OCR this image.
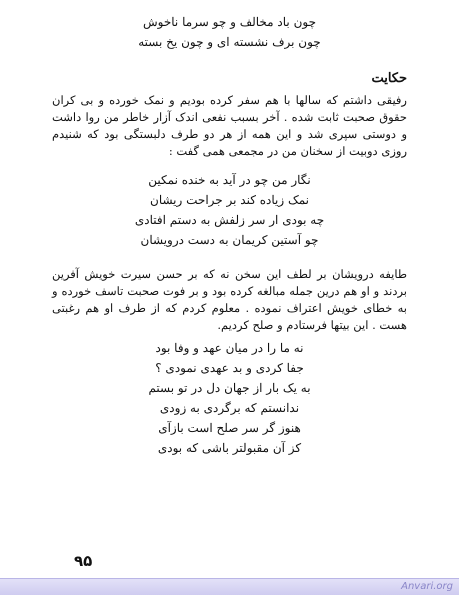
چون باد مخالف و چو سرما ناخوش
چون برف نشسته ای و چون یخ بسته
حکایت
رفیقی داشتم که سالها با هم سفر کرده بودیم و نمک خورده و بی کران حقوق صحبت ثابت شده . آخر بسبب نفعی اندک آزار خاطر من روا داشت و دوستی سپری شد و این همه از هر دو طرف دلبستگی بود که شنیدم روزی دوبیت از سخنان من در مجمعی همی گفت :
نگار من چو در آید به خنده نمکین
نمک زیاده کند بر جراحت ریشان
چه بودی ار سر زلفش به دستم افتادی
چو آستین کریمان به دست درویشان
طایفه درویشان بر لطف این سخن نه که بر حسن سیرت خویش آفرین بردند و او هم درین جمله مبالغه کرده بود و بر فوت صحبت تاسف خورده و به خطای خویش اعتراف نموده . معلوم کردم که از طرف او هم رغبتی هست . این بیتها فرستادم و صلح کردیم.
نه ما را در میان عهد و وفا بود
جفا کردی و بد عهدی نمودی ؟
به یک بار از جهان دل در تو بستم
ندانستم که برگردی به زودی
هنوز گر سر صلح است بازآی
کز آن مقبولتر باشی که بودی
۹۵
Anvari.org
